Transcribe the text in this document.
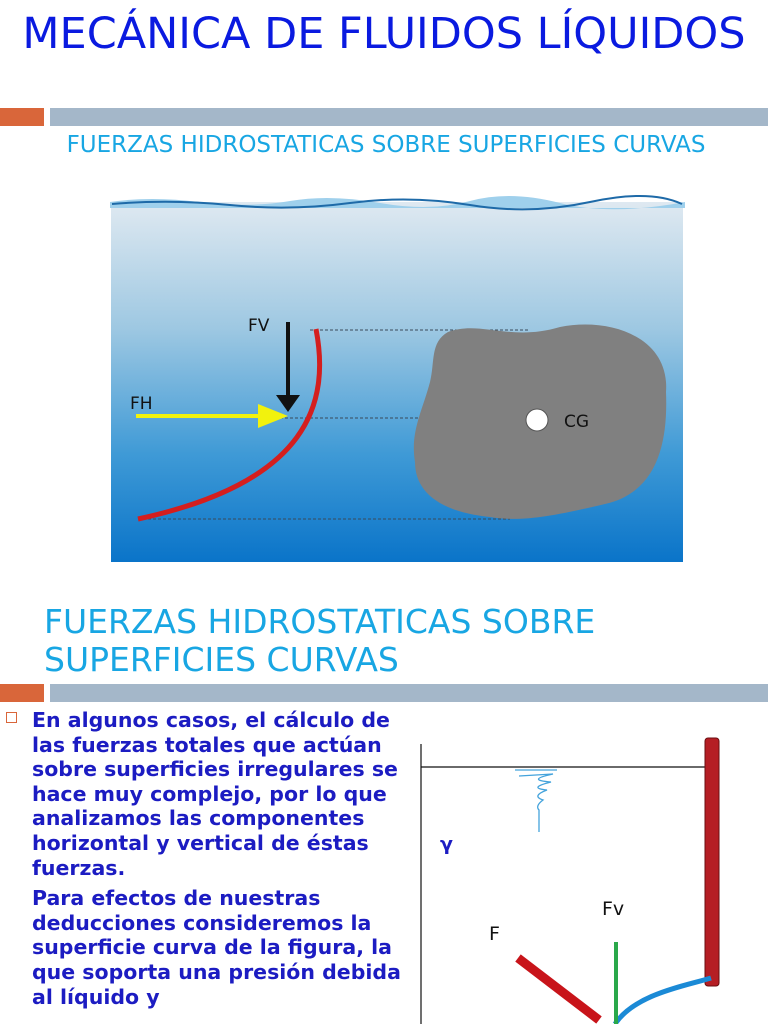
MECÁNICA DE FLUIDOS LÍQUIDOS
FUERZAS HIDROSTATICAS SOBRE SUPERFICIES CURVAS
CG
FV
FH
FUERZAS HIDROSTATICAS SOBRE SUPERFICIES CURVAS

En algunos casos, el cálculo de las fuerzas totales que actúan sobre superficies irregulares se hace muy complejo, por lo que analizamos las componentes horizontal y vertical de éstas fuerzas.

Para efectos de nuestras deducciones consideremos la superficie curva de la figura, la que soporta una presión debida al líquido y

γ
Fv
F
